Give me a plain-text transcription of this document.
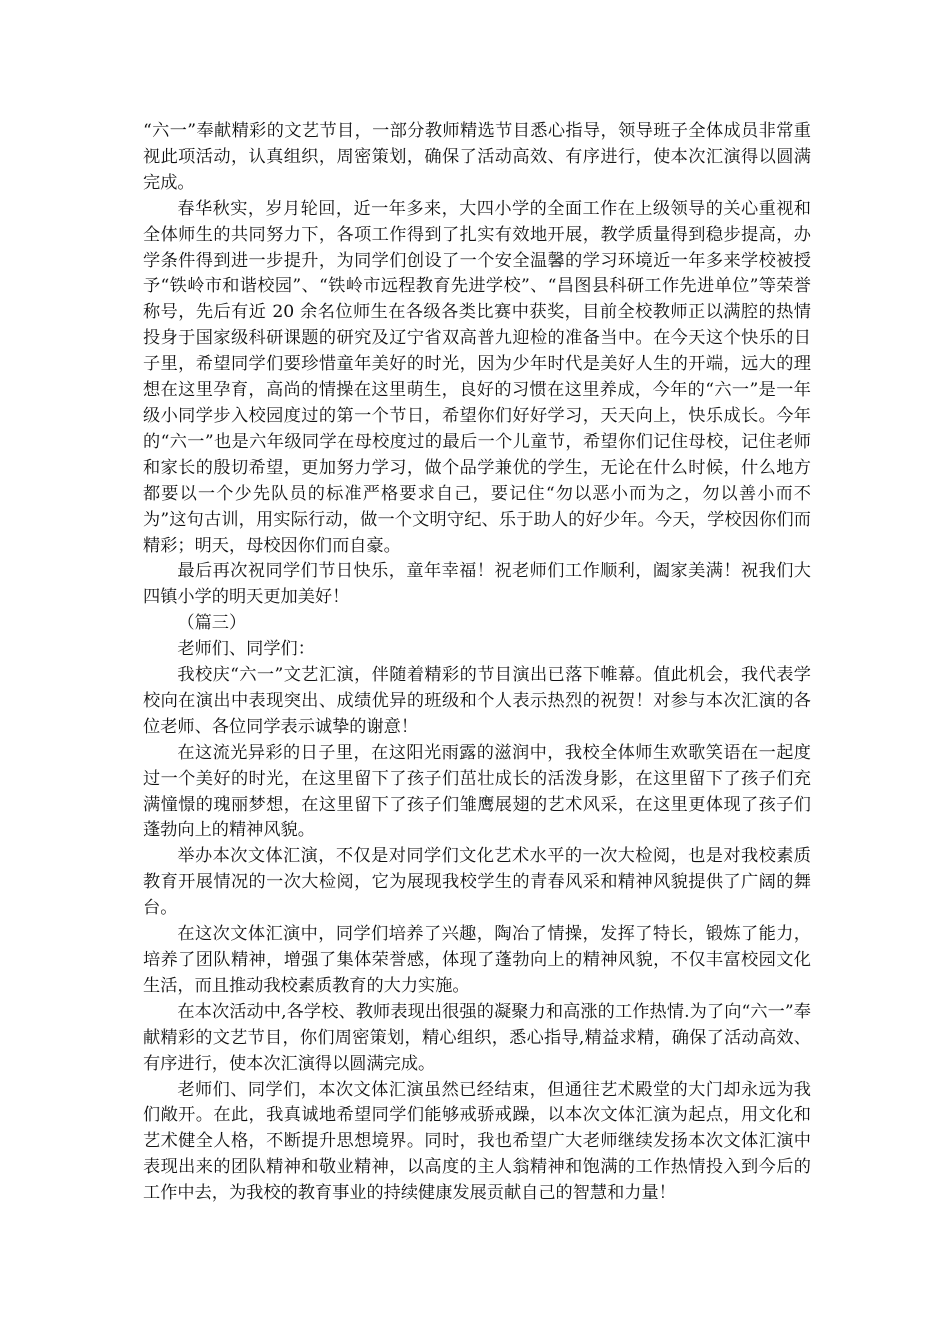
“六一”奉献精彩的文艺节目，一部分教师精选节目悉心指导，领导班子全体成员非常重视此项活动，认真组织，周密策划，确保了活动高效、有序进行，使本次汇演得以圆满完成。

春华秋实，岁月轮回，近一年多来，大四小学的全面工作在上级领导的关心重视和全体师生的共同努力下，各项工作得到了扎实有效地开展，教学质量得到稳步提高，办学条件得到进一步提升，为同学们创设了一个安全温馨的学习环境近一年多来学校被授予“铁岭市和谐校园”、“铁岭市远程教育先进学校”、“昌图县科研工作先进单位”等荣誉称号，先后有近 20 余名位师生在各级各类比赛中获奖，目前全校教师正以满腔的热情投身于国家级科研课题的研究及辽宁省双高普九迎检的准备当中。在今天这个快乐的日子里，希望同学们要珍惜童年美好的时光，因为少年时代是美好人生的开端，远大的理想在这里孕育，高尚的情操在这里萌生，良好的习惯在这里养成，今年的“六一”是一年级小同学步入校园度过的第一个节日，希望你们好好学习，天天向上，快乐成长。今年的“六一”也是六年级同学在母校度过的最后一个儿童节，希望你们记住母校，记住老师和家长的殷切希望，更加努力学习，做个品学兼优的学生，无论在什么时候，什么地方都要以一个少先队员的标准严格要求自己，要记住“勿以恶小而为之，勿以善小而不为”这句古训，用实际行动，做一个文明守纪、乐于助人的好少年。今天，学校因你们而精彩；明天，母校因你们而自豪。

最后再次祝同学们节日快乐，童年幸福！祝老师们工作顺利，阖家美满！祝我们大四镇小学的明天更加美好！

（篇三）

老师们、同学们：

我校庆“六一”文艺汇演，伴随着精彩的节目演出已落下帷幕。值此机会，我代表学校向在演出中表现突出、成绩优异的班级和个人表示热烈的祝贺！对参与本次汇演的各位老师、各位同学表示诚挚的谢意！

在这流光异彩的日子里，在这阳光雨露的滋润中，我校全体师生欢歌笑语在一起度过一个美好的时光，在这里留下了孩子们茁壮成长的活泼身影，在这里留下了孩子们充满憧憬的瑰丽梦想，在这里留下了孩子们雏鹰展翅的艺术风采，在这里更体现了孩子们蓬勃向上的精神风貌。

举办本次文体汇演，不仅是对同学们文化艺术水平的一次大检阅，也是对我校素质教育开展情况的一次大检阅，它为展现我校学生的青春风采和精神风貌提供了广阔的舞台。

在这次文体汇演中，同学们培养了兴趣，陶冶了情操，发挥了特长，锻炼了能力，培养了团队精神，增强了集体荣誉感，体现了蓬勃向上的精神风貌，不仅丰富校园文化生活，而且推动我校素质教育的大力实施。

在本次活动中,各学校、教师表现出很强的凝聚力和高涨的工作热情.为了向“六一”奉献精彩的文艺节目，你们周密策划，精心组织，悉心指导,精益求精，确保了活动高效、有序进行，使本次汇演得以圆满完成。

老师们、同学们，本次文体汇演虽然已经结束，但通往艺术殿堂的大门却永远为我们敞开。在此，我真诚地希望同学们能够戒骄戒躁，以本次文体汇演为起点，用文化和艺术健全人格，不断提升思想境界。同时，我也希望广大老师继续发扬本次文体汇演中表现出来的团队精神和敬业精神，以高度的主人翁精神和饱满的工作热情投入到今后的工作中去，为我校的教育事业的持续健康发展贡献自己的智慧和力量！
